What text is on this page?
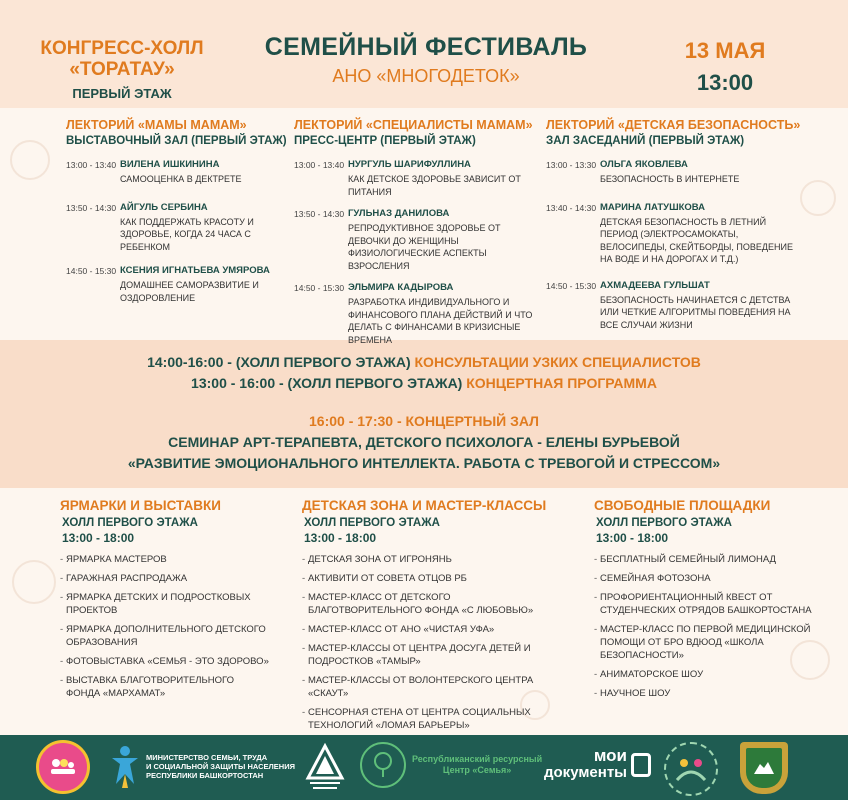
КОНГРЕСС-ХОЛЛ
«ТОРАТАУ»
ПЕРВЫЙ ЭТАЖ
СЕМЕЙНЫЙ ФЕСТИВАЛЬ
АНО «МНОГОДЕТОК»
13 МАЯ
13:00
ЛЕКТОРИЙ «МАМЫ МАМАМ»
ВЫСТАВОЧНЫЙ ЗАЛ (ПЕРВЫЙ ЭТАЖ)
13:00 - 13:40 ВИЛЕНА ИШКИНИНА
САМООЦЕНКА В ДЕКТРЕТЕ
13:50 - 14:30 АЙГУЛЬ СЕРБИНА
КАК ПОДДЕРЖАТЬ КРАСОТУ И ЗДОРОВЬЕ, КОГДА 24 ЧАСА С РЕБЕНКОМ
14:50 - 15:30 КСЕНИЯ ИГНАТЬЕВА УМЯРОВА
ДОМАШНЕЕ САМОРАЗВИТИЕ И ОЗДОРОВЛЕНИЕ
ЛЕКТОРИЙ «СПЕЦИАЛИСТЫ МАМАМ»
ПРЕСС-ЦЕНТР (ПЕРВЫЙ ЭТАЖ)
13:00 - 13:40 НУРГУЛЬ ШАРИФУЛЛИНА
КАК ДЕТСКОЕ ЗДОРОВЬЕ ЗАВИСИТ ОТ ПИТАНИЯ
13:50 - 14:30 ГУЛЬНАЗ ДАНИЛОВА
РЕПРОДУКТИВНОЕ ЗДОРОВЬЕ ОТ ДЕВОЧКИ ДО ЖЕНЩИНЫ ФИЗИОЛОГИЧЕСКИЕ АСПЕКТЫ ВЗРОСЛЕНИЯ
14:50 - 15:30 ЭЛЬМИРА КАДЫРОВА
РАЗРАБОТКА ИНДИВИДУАЛЬНОГО И ФИНАНСОВОГО ПЛАНА ДЕЙСТВИЙ И ЧТО ДЕЛАТЬ С ФИНАНСАМИ В КРИЗИСНЫЕ ВРЕМЕНА
ЛЕКТОРИЙ «ДЕТСКАЯ БЕЗОПАСНОСТЬ»
ЗАЛ ЗАСЕДАНИЙ (ПЕРВЫЙ ЭТАЖ)
13:00 - 13:30 ОЛЬГА ЯКОВЛЕВА
БЕЗОПАСНОСТЬ В ИНТЕРНЕТЕ
13:40 - 14:30 МАРИНА ЛАТУШКОВА
ДЕТСКАЯ БЕЗОПАСНОСТЬ В ЛЕТНИЙ ПЕРИОД (ЭЛЕКТРОСАМОКАТЫ, ВЕЛОСИПЕДЫ, СКЕЙТБОРДЫ, ПОВЕДЕНИЕ НА ВОДЕ И НА ДОРОГАХ И Т.Д.)
14:50 - 15:30 АХМАДЕЕВА ГУЛЬШАТ
БЕЗОПАСНОСТЬ НАЧИНАЕТСЯ С ДЕТСТВА ИЛИ ЧЕТКИЕ АЛГОРИТМЫ ПОВЕДЕНИЯ НА ВСЕ СЛУЧАИ ЖИЗНИ
14:00-16:00 - (ХОЛЛ ПЕРВОГО ЭТАЖА) КОНСУЛЬТАЦИИ УЗКИХ СПЕЦИАЛИСТОВ
13:00 - 16:00 - (ХОЛЛ ПЕРВОГО ЭТАЖА) КОНЦЕРТНАЯ ПРОГРАММА
16:00 - 17:30 - КОНЦЕРТНЫЙ ЗАЛ
СЕМИНАР АРТ-ТЕРАПЕВТА, ДЕТСКОГО ПСИХОЛОГА - ЕЛЕНЫ БУРЬЕВОЙ
«РАЗВИТИЕ ЭМОЦИОНАЛЬНОГО ИНТЕЛЛЕКТА. РАБОТА С ТРЕВОГОЙ И СТРЕССОМ»
ЯРМАРКИ И ВЫСТАВКИ
ХОЛЛ ПЕРВОГО ЭТАЖА
13:00 - 18:00
- ЯРМАРКА МАСТЕРОВ
- ГАРАЖНАЯ РАСПРОДАЖА
- ЯРМАРКА ДЕТСКИХ И ПОДРОСТКОВЫХ ПРОЕКТОВ
- ЯРМАРКА ДОПОЛНИТЕЛЬНОГО ДЕТСКОГО ОБРАЗОВАНИЯ
- ФОТОВЫСТАВКА «СЕМЬЯ - ЭТО ЗДОРОВО»
- ВЫСТАВКА БЛАГОТВОРИТЕЛЬНОГО ФОНДА «МАРХАМАТ»
ДЕТСКАЯ ЗОНА И МАСТЕР-КЛАССЫ
ХОЛЛ ПЕРВОГО ЭТАЖА
13:00 - 18:00
- ДЕТСКАЯ ЗОНА ОТ ИГРОНЯНЬ
- АКТИВИТИ ОТ СОВЕТА ОТЦОВ РБ
- МАСТЕР-КЛАСС ОТ ДЕТСКОГО БЛАГОТВОРИТЕЛЬНОГО ФОНДА «С ЛЮБОВЬЮ»
- МАСТЕР-КЛАСС ОТ АНО «ЧИСТАЯ УФА»
- МАСТЕР-КЛАССЫ ОТ ЦЕНТРА ДОСУГА ДЕТЕЙ И ПОДРОСТКОВ «ТАМЫР»
- МАСТЕР-КЛАССЫ ОТ ВОЛОНТЕРСКОГО ЦЕНТРА «СКАУТ»
- СЕНСОРНАЯ СТЕНА ОТ ЦЕНТРА СОЦИАЛЬНЫХ ТЕХНОЛОГИЙ «ЛОМАЯ БАРЬЕРЫ»
СВОБОДНЫЕ ПЛОЩАДКИ
ХОЛЛ ПЕРВОГО ЭТАЖА
13:00 - 18:00
- БЕСПЛАТНЫЙ СЕМЕЙНЫЙ ЛИМОНАД
- СЕМЕЙНАЯ ФОТОЗОНА
- ПРОФОРИЕНТАЦИОННЫЙ КВЕСТ ОТ СТУДЕНЧЕСКИХ ОТРЯДОВ БАШКОРТОСТАНА
- МАСТЕР-КЛАСС ПО ПЕРВОЙ МЕДИЦИНСКОЙ ПОМОЩИ ОТ БРО ВДЮОД «ШКОЛА БЕЗОПАСНОСТИ»
- АНИМАТОРСКОЕ ШОУ
- НАУЧНОЕ ШОУ
МИНИСТЕРСТВО СЕМЬИ, ТРУДА
И СОЦИАЛЬНОЙ ЗАЩИТЫ НАСЕЛЕНИЯ
РЕСПУБЛИКИ БАШКОРТОСТАН
Республиканский ресурсный
Центр «Семья»
мои
документы
